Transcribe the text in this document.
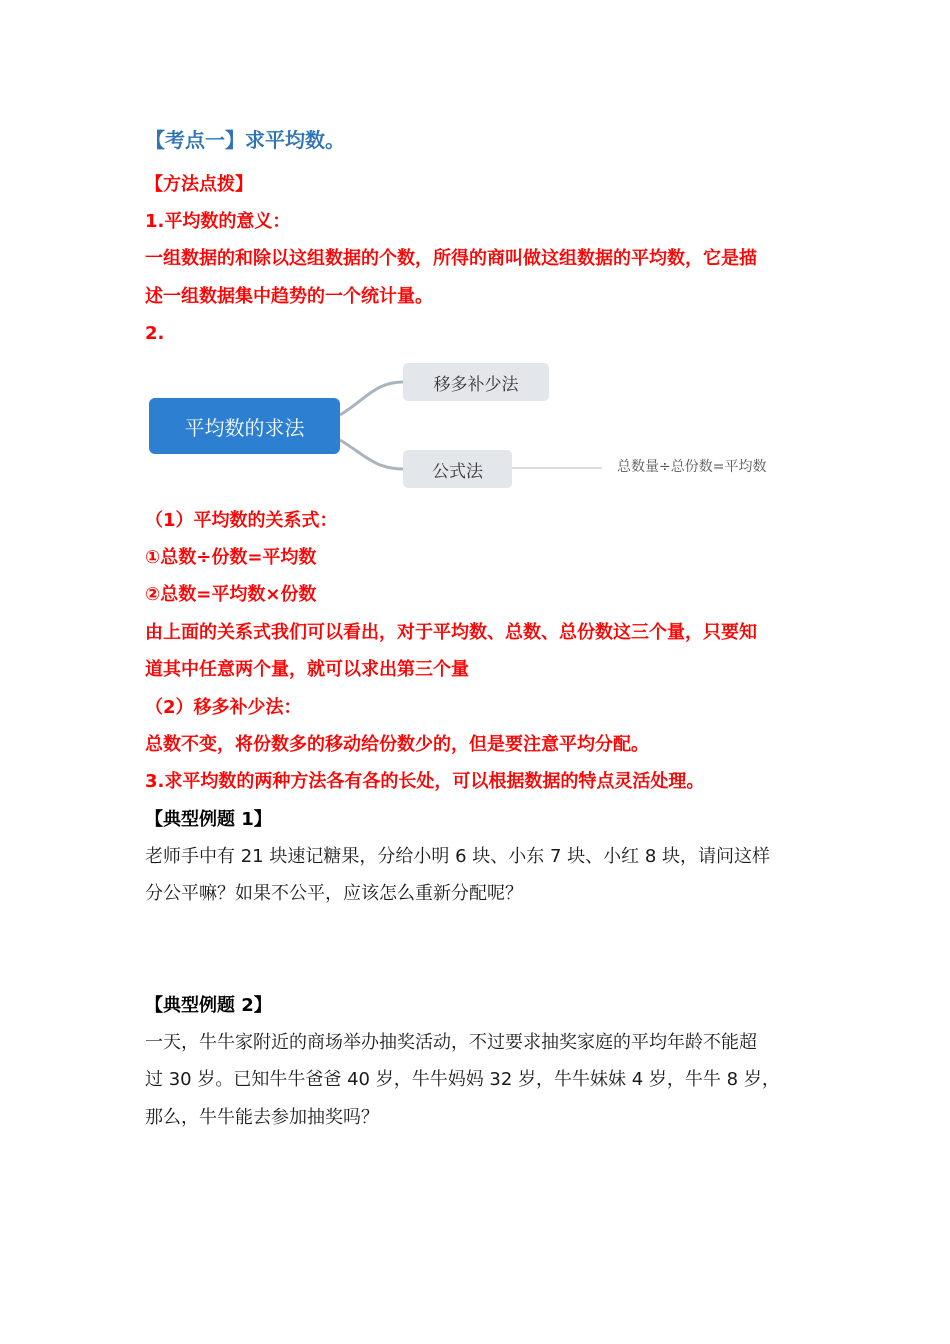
【考点一】求平均数。
【方法点拨】
1.平均数的意义：
一组数据的和除以这组数据的个数，所得的商叫做这组数据的平均数，它是描
述一组数据集中趋势的一个统计量。
2.
平均数的求法
移多补少法
公式法	总数量÷总份数=平均数
（1）平均数的关系式：
①总数÷份数=平均数
②总数=平均数×份数
由上面的关系式我们可以看出，对于平均数、总数、总份数这三个量，只要知
道其中任意两个量，就可以求出第三个量
（2）移多补少法：
总数不变，将份数多的移动给份数少的，但是要注意平均分配。
3.求平均数的两种方法各有各的长处，可以根据数据的特点灵活处理。
【典型例题 1】
老师手中有 21 块速记糖果，分给小明 6 块、小东 7 块、小红 8 块，请问这样
分公平嘛？如果不公平，应该怎么重新分配呢？
【典型例题 2】
一天，牛牛家附近的商场举办抽奖活动，不过要求抽奖家庭的平均年龄不能超
过 30 岁。已知牛牛爸爸 40 岁，牛牛妈妈 32 岁，牛牛妹妹 4 岁，牛牛 8 岁，
那么，牛牛能去参加抽奖吗？
